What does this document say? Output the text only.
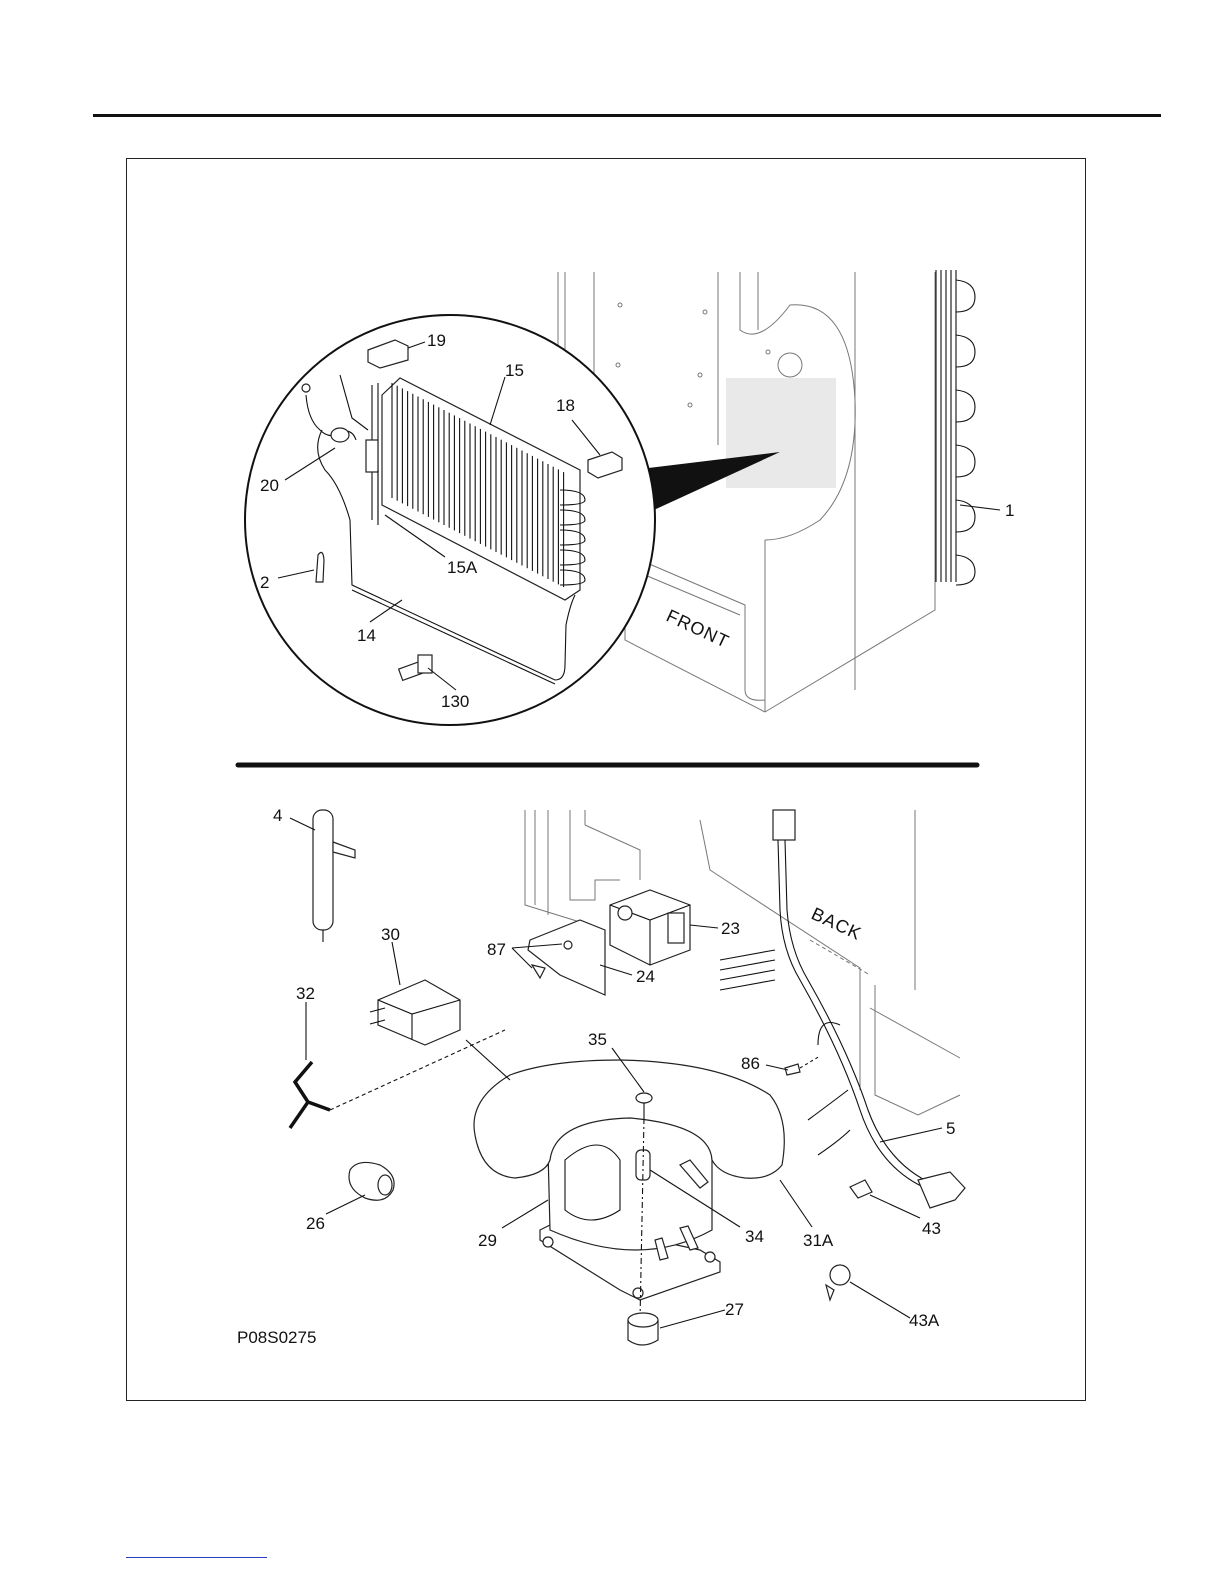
19
15
18
20
15A
2
14
130
1
FRONT
4
30
87
23
24
32
35
86
5
26
29	34 31A
43
27
43A
BACK
P08S0275
